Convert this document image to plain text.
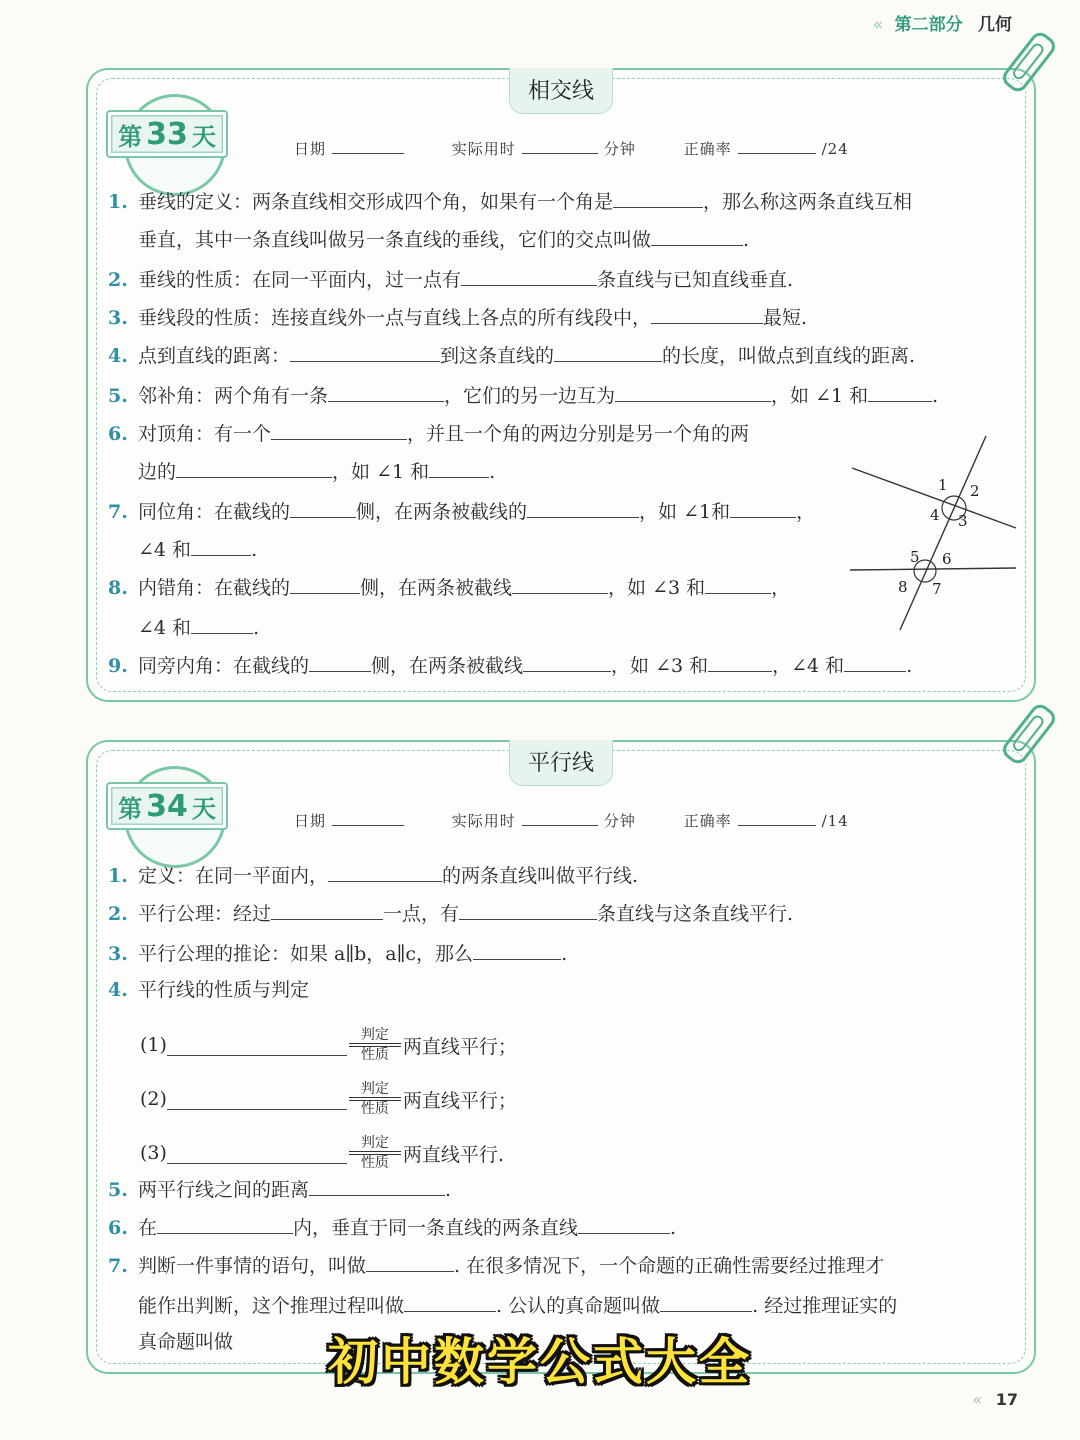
« 第二部分 几何
相交线
第 33 天	日期	实际用时	分钟	正确率	/24
1. 垂线的定义：两条直线相交形成四个角，如果有一个角是	，那么称这两条直线互相
垂直，其中一条直线叫做另一条直线的垂线，它们的交点叫做	.
2. 垂线的性质：在同一平面内，过一点有	条直线与已知直线垂直.
3. 垂线段的性质：连接直线外一点与直线上各点的所有线段中，	最短.
4. 点到直线的距离：	到这条直线的	的长度，叫做点到直线的距离.
5. 邻补角：两个角有一条	，它们的另一边互为	，如 ∠1 和	.
6. 对顶角：有一个	，并且一个角的两边分别是另一个角的两
边的	，如 ∠1 和	.
7. 同位角：在截线的	侧，在两条被截线的	，如 ∠1和	，
∠4 和	.
8. 内错角：在截线的	侧，在两条被截线	，如 ∠3 和	，
∠4 和	.
9. 同旁内角：在截线的	侧，在两条被截线	，如 ∠3 和	，∠4 和	.
1 2
3
4
5 6
7
8
平行线
第 34 天	日期	实际用时	分钟	正确率	/14
1. 定义：在同一平面内，	的两条直线叫做平行线.
2. 平行公理：经过	一点，有	条直线与这条直线平行.
3. 平行公理的推论：如果 a∥b，a∥c，那么	.
4. 平行线的性质与判定
5. 两平行线之间的距离	.
6. 在	内，垂直于同一条直线的两条直线	.
7. 判断一件事情的语句，叫做	. 在很多情况下，一个命题的正确性需要经过推理才
能作出判断，这个推理过程叫做	. 公认的真命题叫做	. 经过推理证实的
真命题叫做
(1)	判定
性质 两直线平行；
(2)	判定
性质 两直线平行；
(3)	判定
性质 两直线平行.
初中数学公式大全
« 17
